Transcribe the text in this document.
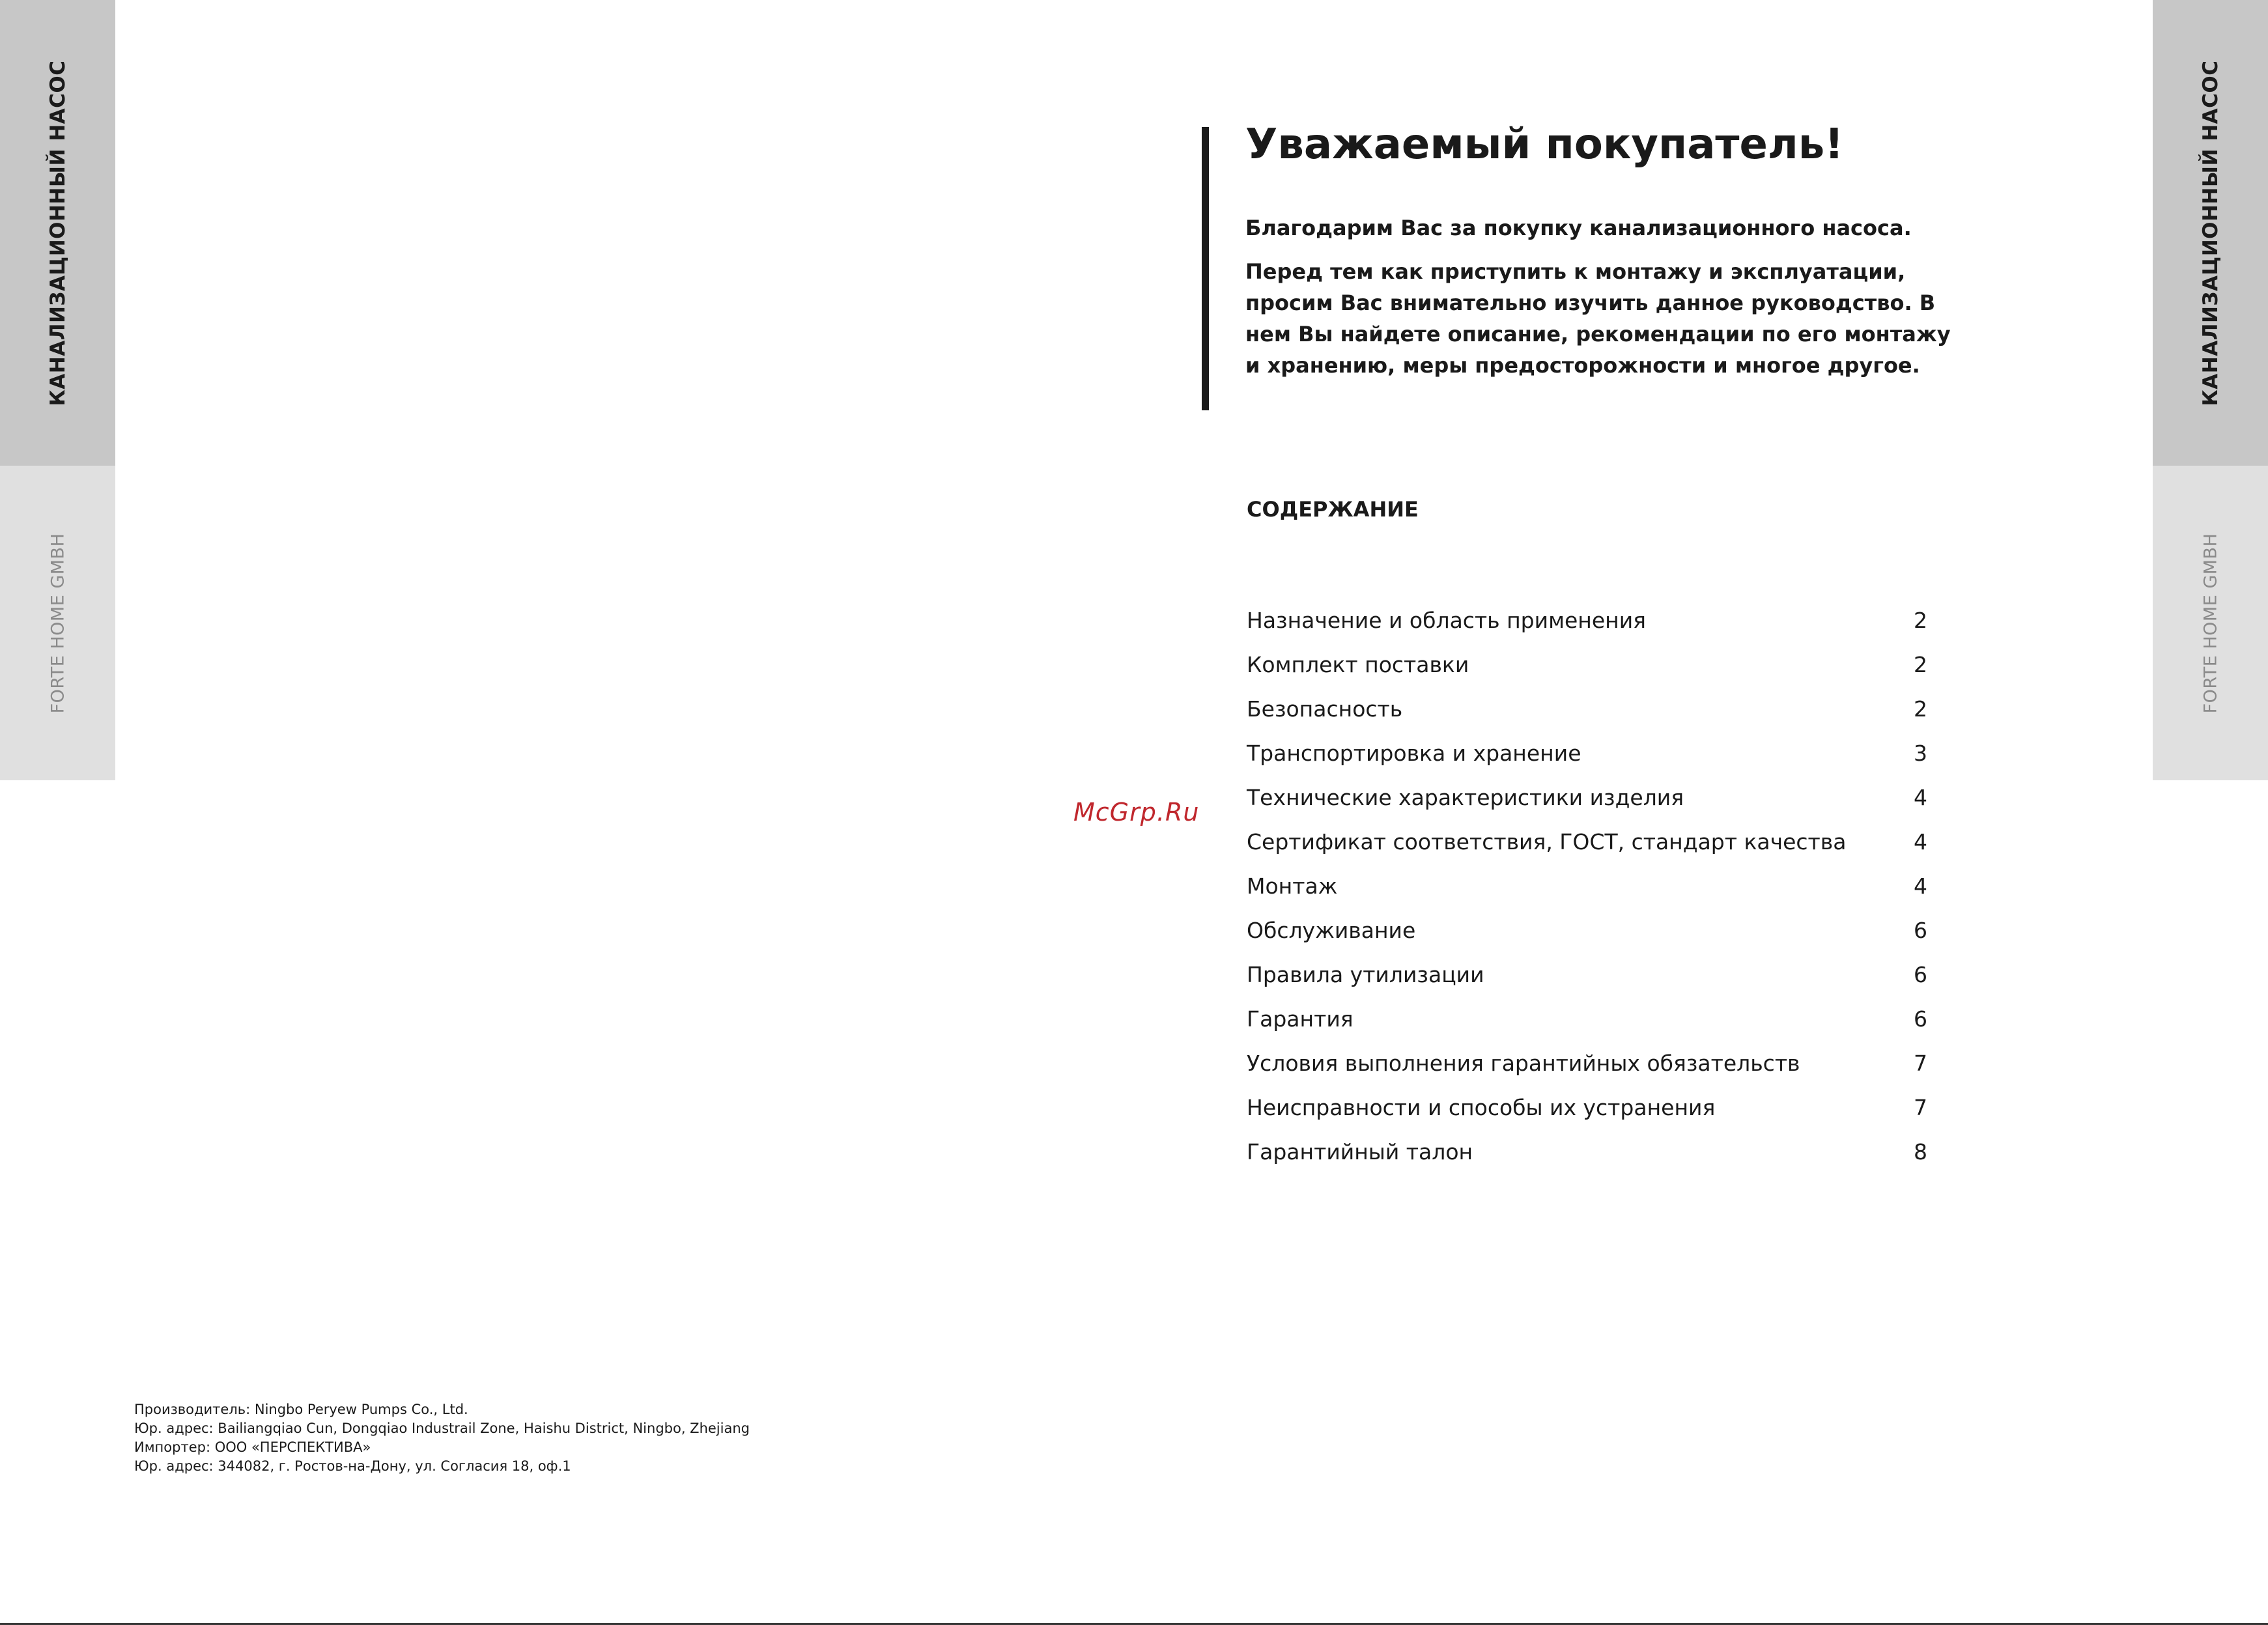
КАНАЛИЗАЦИОННЫЙ НАСОС
FORTE HOME GMBH
КАНАЛИЗАЦИОННЫЙ НАСОС
FORTE HOME GMBH
Уважаемый покупатель!

Благодарим Вас за покупку канализационного насоса.

Перед тем как приступить к монтажу и эксплуатации, просим Вас внимательно изучить данное руководство. В нем Вы найдете описание, рекомендации по его монтажу и хранению, меры предосторожности и многое другое.

СОДЕРЖАНИЕ
Назначение и область применения	2
Комплект поставки	2
Безопасность	2
Транспортировка и хранение	3
Технические характеристики изделия	4
Сертификат соответствия, ГОСТ, стандарт качества	4
Монтаж	4
Обслуживание	6
Правила утилизации	6
Гарантия	6
Условия выполнения гарантийных обязательств	7
Неисправности и способы их устранения	7
Гарантийный талон	8
McGrp.Ru
Производитель: Ningbo Peryew Pumps Co., Ltd.
Юр. адрес: Bailiangqiao Cun, Dongqiao Industrail Zone, Haishu District, Ningbo, Zhejiang
Импортер: ООО «ПЕРСПЕКТИВА»
Юр. адрес: 344082, г. Ростов-на-Дону, ул. Согласия 18, оф.1
